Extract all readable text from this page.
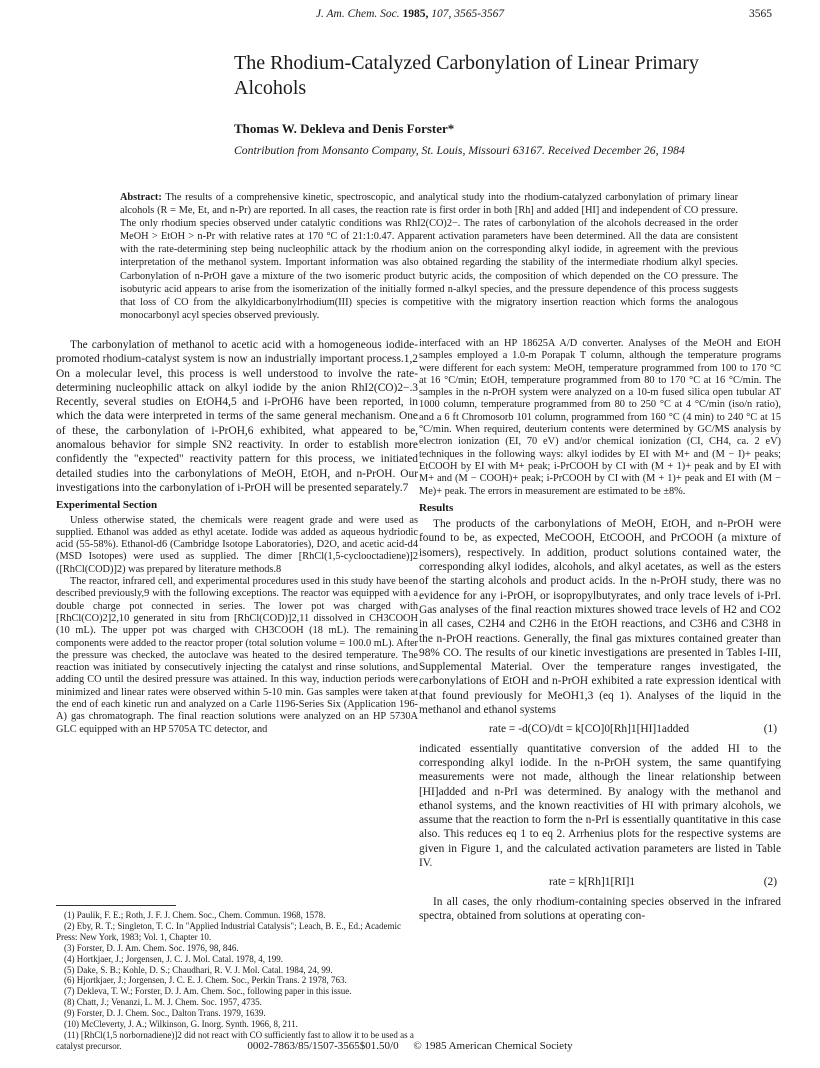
J. Am. Chem. Soc. 1985, 107, 3565-3567	3565
The Rhodium-Catalyzed Carbonylation of Linear Primary Alcohols
Thomas W. Dekleva and Denis Forster*
Contribution from Monsanto Company, St. Louis, Missouri 63167. Received December 26, 1984

Abstract: The results of a comprehensive kinetic, spectroscopic, and analytical study into the rhodium-catalyzed carbonylation of primary linear alcohols (R = Me, Et, and n-Pr) are reported. In all cases, the reaction rate is first order in both [Rh] and added [HI] and independent of CO pressure. The only rhodium species observed under catalytic conditions was RhI2(CO)2−. The rates of carbonylation of the alcohols decreased in the order MeOH > EtOH > n-Pr with relative rates at 170 °C of 21:1:0.47. Apparent activation parameters have been determined. All the data are consistent with the rate-determining step being nucleophilic attack by the rhodium anion on the corresponding alkyl iodide, in agreement with the previous interpretation of the methanol system. Important information was also obtained regarding the stability of the intermediate rhodium alkyl species. Carbonylation of n-PrOH gave a mixture of the two isomeric product butyric acids, the composition of which depended on the CO pressure. The isobutyric acid appears to arise from the isomerization of the initially formed n-alkyl species, and the pressure dependence of this process suggests that loss of CO from the alkyldicarbonylrhodium(III) species is competitive with the migratory insertion reaction which forms the analogous monocarbonyl acyl species observed previously.

The carbonylation of methanol to acetic acid with a homogeneous iodide-promoted rhodium-catalyst system is now an industrially important process.1,2 On a molecular level, this process is well understood to involve the rate-determining nucleophilic attack on alkyl iodide by the anion RhI2(CO)2−.3 Recently, several studies on EtOH4,5 and i-PrOH6 have been reported, in which the data were interpreted in terms of the same general mechanism. One of these, the carbonylation of i-PrOH,6 exhibited, what appeared to be, anomalous behavior for simple SN2 reactivity. In order to establish more confidently the "expected" reactivity pattern for this process, we initiated detailed studies into the carbonylations of MeOH, EtOH, and n-PrOH. Our investigations into the carbonylation of i-PrOH will be presented separately.7

Experimental Section

Unless otherwise stated, the chemicals were reagent grade and were used as supplied. Ethanol was added as ethyl acetate. Iodide was added as aqueous hydriodic acid (55-58%). Ethanol-d6 (Cambridge Isotope Laboratories), D2O, and acetic acid-d4 (MSD Isotopes) were used as supplied. The dimer [RhCl(1,5-cyclooctadiene)]2 ([RhCl(COD)]2) was prepared by literature methods.8

The reactor, infrared cell, and experimental procedures used in this study have been described previously,9 with the following exceptions. The reactor was equipped with a double charge pot connected in series. The lower pot was charged with [RhCl(CO)2]2,10 generated in situ from [RhCl(COD)]2,11 dissolved in CH3COOH (10 mL). The upper pot was charged with CH3COOH (18 mL). The remaining components were added to the reactor proper (total solution volume = 100.0 mL). After the pressure was checked, the autoclave was heated to the desired temperature. The reaction was initiated by consecutively injecting the catalyst and rinse solutions, and adding CO until the desired pressure was attained. In this way, induction periods were minimized and linear rates were observed within 5-10 min. Gas samples were taken at the end of each kinetic run and analyzed on a Carle 1196-Series Six (Application 196-A) gas chromatograph. The final reaction solutions were analyzed on an HP 5730A GLC equipped with an HP 5705A TC detector, and

(1) Paulik, F. E.; Roth, J. F. J. Chem. Soc., Chem. Commun. 1968, 1578.
(2) Eby, R. T.; Singleton, T. C. In "Applied Industrial Catalysis"; Leach, B. E., Ed.; Academic Press: New York, 1983; Vol. 1, Chapter 10.
(3) Forster, D. J. Am. Chem. Soc. 1976, 98, 846.
(4) Hortkjaer, J.; Jorgensen, J. C. J. Mol. Catal. 1978, 4, 199.
(5) Dake, S. B.; Kohle, D. S.; Chaudhari, R. V. J. Mol. Catal. 1984, 24, 99.
(6) Hjortkjaer, J.; Jorgensen, J. C. E. J. Chem. Soc., Perkin Trans. 2 1978, 763.
(7) Dekleva, T. W.; Forster, D. J. Am. Chem. Soc., following paper in this issue.
(8) Chatt, J.; Venanzi, L. M. J. Chem. Soc. 1957, 4735.
(9) Forster, D. J. Chem. Soc., Dalton Trans. 1979, 1639.
(10) McCleverty, J. A.; Wilkinson, G. Inorg. Synth. 1966, 8, 211.
(11) [RhCl(1,5 norbornadiene)]2 did not react with CO sufficiently fast to allow it to be used as a catalyst precursor.

interfaced with an HP 18625A A/D converter. Analyses of the MeOH and EtOH samples employed a 1.0-m Porapak T column, although the temperature programs were different for each system: MeOH, temperature programmed from 100 to 170 °C at 16 °C/min; EtOH, temperature programmed from 80 to 170 °C at 16 °C/min. The samples in the n-PrOH system were analyzed on a 10-m fused silica open tubular AT 1000 column, temperature programmed from 80 to 250 °C at 4 °C/min (iso/n ratio), and a 6 ft Chromosorb 101 column, programmed from 160 °C (4 min) to 240 °C at 15 °C/min. When required, deuterium contents were determined by GC/MS analysis by electron ionization (EI, 70 eV) and/or chemical ionization (CI, CH4, ca. 2 eV) techniques in the following ways: alkyl iodides by EI with M+ and (M − I)+ peaks; EtCOOH by EI with M+ peak; i-PrCOOH by CI with (M + 1)+ peak and by EI with M+ and (M − COOH)+ peak; i-PrCOOH by CI with (M + 1)+ peak and EI with (M − Me)+ peak. The errors in measurement are estimated to be ±8%.

Results

The products of the carbonylations of MeOH, EtOH, and n-PrOH were found to be, as expected, MeCOOH, EtCOOH, and PrCOOH (a mixture of isomers), respectively. In addition, product solutions contained water, the corresponding alkyl iodides, alcohols, and alkyl acetates, as well as the esters of the starting alcohols and product acids. In the n-PrOH study, there was no evidence for any i-PrOH, or isopropylbutyrates, and only trace levels of i-PrI. Gas analyses of the final reaction mixtures showed trace levels of H2 and CO2 in all cases, C2H4 and C2H6 in the EtOH reactions, and C3H6 and C3H8 in the n-PrOH reactions. Generally, the final gas mixtures contained greater than 98% CO. The results of our kinetic investigations are presented in Tables I-III, Supplemental Material. Over the temperature ranges investigated, the carbonylations of EtOH and n-PrOH exhibited a rate expression identical with that found previously for MeOH1,3 (eq 1). Analyses of the liquid in the methanol and ethanol systems

rate = -d(CO)/dt = k[CO]0[Rh]1[HI]1added	(1)

indicated essentially quantitative conversion of the added HI to the corresponding alkyl iodide. In the n-PrOH system, the same quantifying measurements were not made, although the linear relationship between [HI]added and n-PrI was determined. By analogy with the methanol and ethanol systems, and the known reactivities of HI with primary alcohols, we assume that the reaction to form the n-PrI is essentially quantitative in this case also. This reduces eq 1 to eq 2. Arrhenius plots for the respective systems are given in Figure 1, and the calculated activation parameters are listed in Table IV.

rate = k[Rh]1[RI]1	(2)

In all cases, the only rhodium-containing species observed in the infrared spectra, obtained from solutions at operating con-

0002-7863/85/1507-3565$01.50/0 © 1985 American Chemical Society
